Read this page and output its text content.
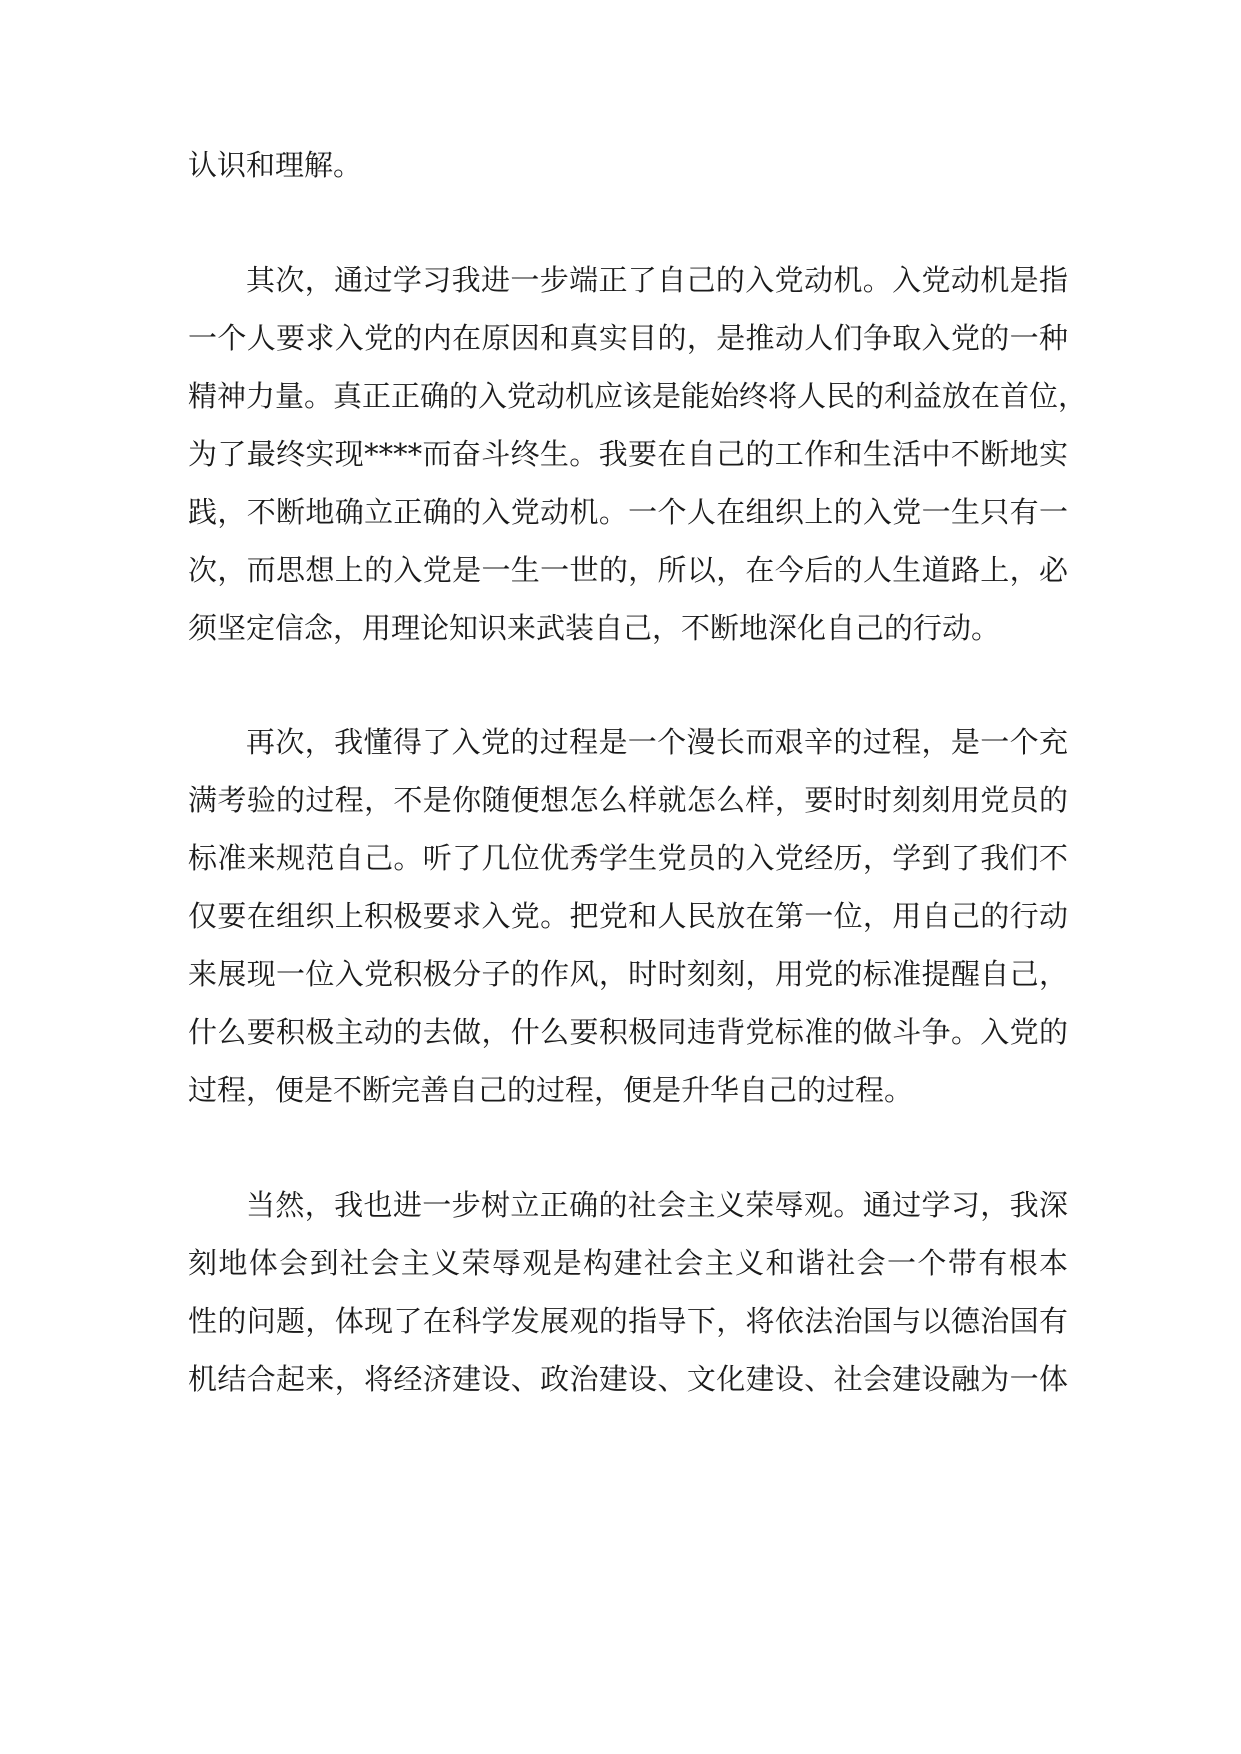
认识和理解。
其次，通过学习我进一步端正了自己的入党动机。入党动机是指
一个人要求入党的内在原因和真实目的，是推动人们争取入党的一种
精神力量。真正正确的入党动机应该是能始终将人民的利益放在首位，
为了最终实现****而奋斗终生。我要在自己的工作和生活中不断地实
践，不断地确立正确的入党动机。一个人在组织上的入党一生只有一
次，而思想上的入党是一生一世的，所以，在今后的人生道路上，必
须坚定信念，用理论知识来武装自己，不断地深化自己的行动。
再次，我懂得了入党的过程是一个漫长而艰辛的过程，是一个充
满考验的过程，不是你随便想怎么样就怎么样，要时时刻刻用党员的
标准来规范自己。听了几位优秀学生党员的入党经历，学到了我们不
仅要在组织上积极要求入党。把党和人民放在第一位，用自己的行动
来展现一位入党积极分子的作风，时时刻刻，用党的标准提醒自己，
什么要积极主动的去做，什么要积极同违背党标准的做斗争。入党的
过程，便是不断完善自己的过程，便是升华自己的过程。
当然，我也进一步树立正确的社会主义荣辱观。通过学习，我深
刻地体会到社会主义荣辱观是构建社会主义和谐社会一个带有根本
性的问题，体现了在科学发展观的指导下，将依法治国与以德治国有
机结合起来，将经济建设、政治建设、文化建设、社会建设融为一体
